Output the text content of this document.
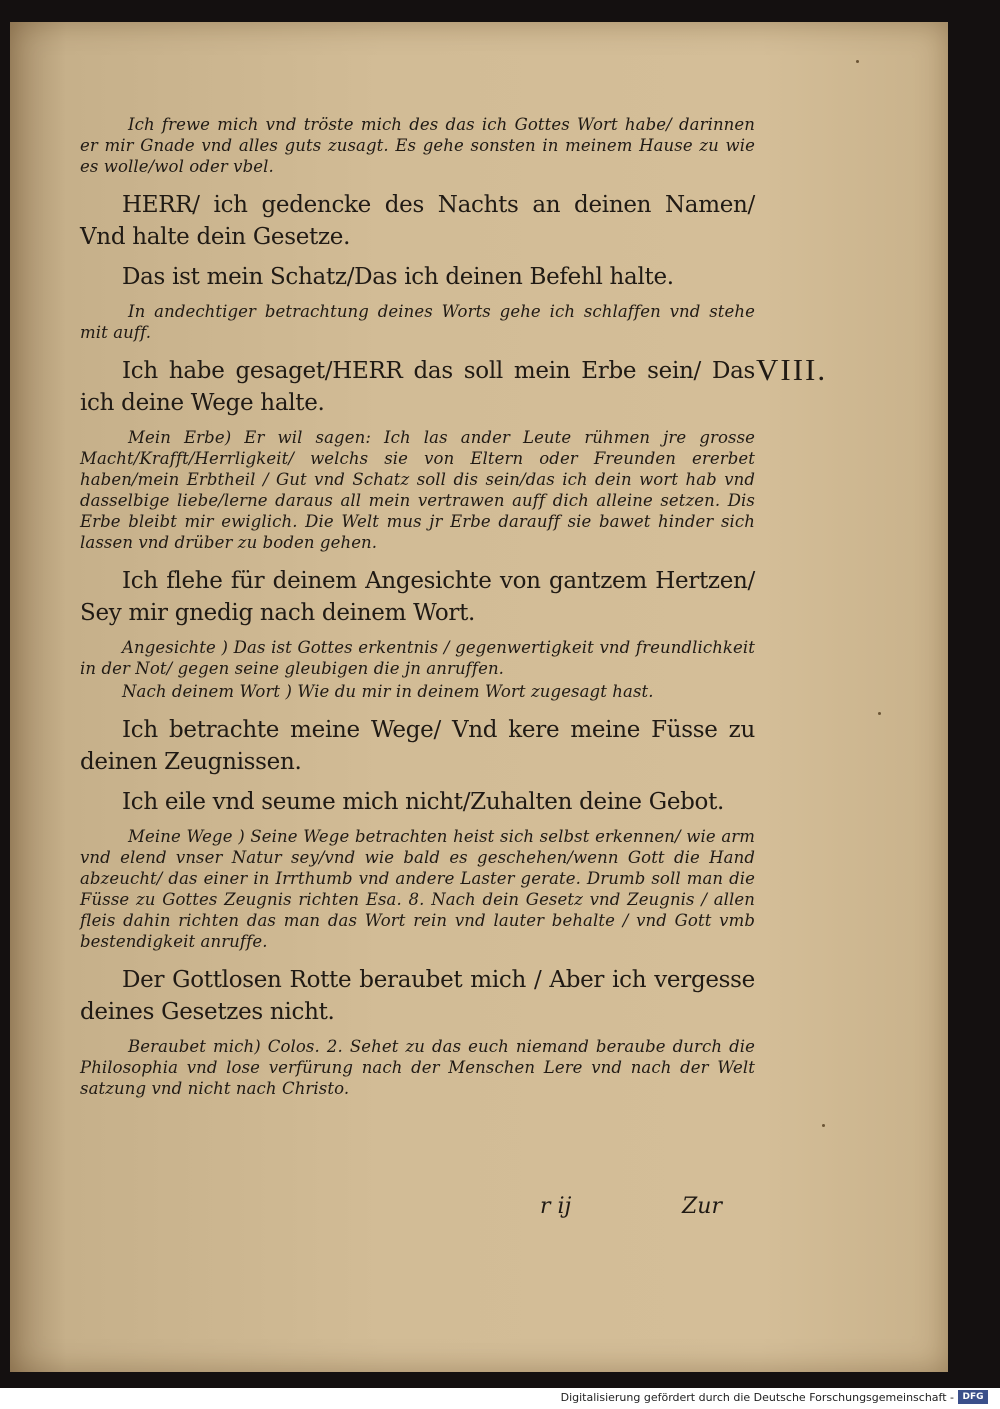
Ich frewe mich vnd tröste mich des das ich Gottes Wort habe/ darinnen er mir Gnade vnd alles guts zusagt. Es gehe sonsten in meinem Hause zu wie es wolle/wol oder vbel.

HERR/ ich gedencke des Nachts an deinen Namen/ Vnd halte dein Gesetze.

Das ist mein Schatz/Das ich deinen Befehl halte.

In andechtiger betrachtung deines Worts gehe ich schlaffen vnd stehe mit auff.

Ich habe gesaget/HERR das soll mein Erbe sein/ Das ich deine Wege halte.

Mein Erbe) Er wil sagen: Ich las ander Leute rühmen jre grosse Macht/Krafft/Herrligkeit/ welchs sie von Eltern oder Freunden ererbet haben/mein Erbtheil / Gut vnd Schatz soll dis sein/das ich dein wort hab vnd dasselbige liebe/lerne daraus all mein vertrawen auff dich alleine setzen. Dis Erbe bleibt mir ewiglich. Die Welt mus jr Erbe darauff sie bawet hinder sich lassen vnd drüber zu boden gehen.

Ich flehe für deinem Angesichte von gantzem Hertzen/ Sey mir gnedig nach deinem Wort.

Angesichte ) Das ist Gottes erkentnis / gegenwertigkeit vnd freundlichkeit in der Not/ gegen seine gleubigen die jn anruffen.

Nach deinem Wort ) Wie du mir in deinem Wort zugesagt hast.

Ich betrachte meine Wege/ Vnd kere meine Füsse zu deinen Zeugnissen.

Ich eile vnd seume mich nicht/Zuhalten deine Gebot.

Meine Wege ) Seine Wege betrachten heist sich selbst erkennen/ wie arm vnd elend vnser Natur sey/vnd wie bald es geschehen/wenn Gott die Hand abzeucht/ das einer in Irrthumb vnd andere Laster gerate. Drumb soll man die Füsse zu Gottes Zeugnis richten Esa. 8. Nach dein Gesetz vnd Zeugnis / allen fleis dahin richten das man das Wort rein vnd lauter behalte / vnd Gott vmb bestendigkeit anruffe.

Der Gottlosen Rotte beraubet mich / Aber ich vergesse deines Gesetzes nicht.

Beraubet mich) Colos. 2. Sehet zu das euch niemand beraube durch die Philosophia vnd lose verfürung nach der Menschen Lere vnd nach der Welt satzung vnd nicht nach Christo.

VIII.
r ij	Zur
Digitalisierung gefördert durch die Deutsche Forschungsgemeinschaft - DFG
